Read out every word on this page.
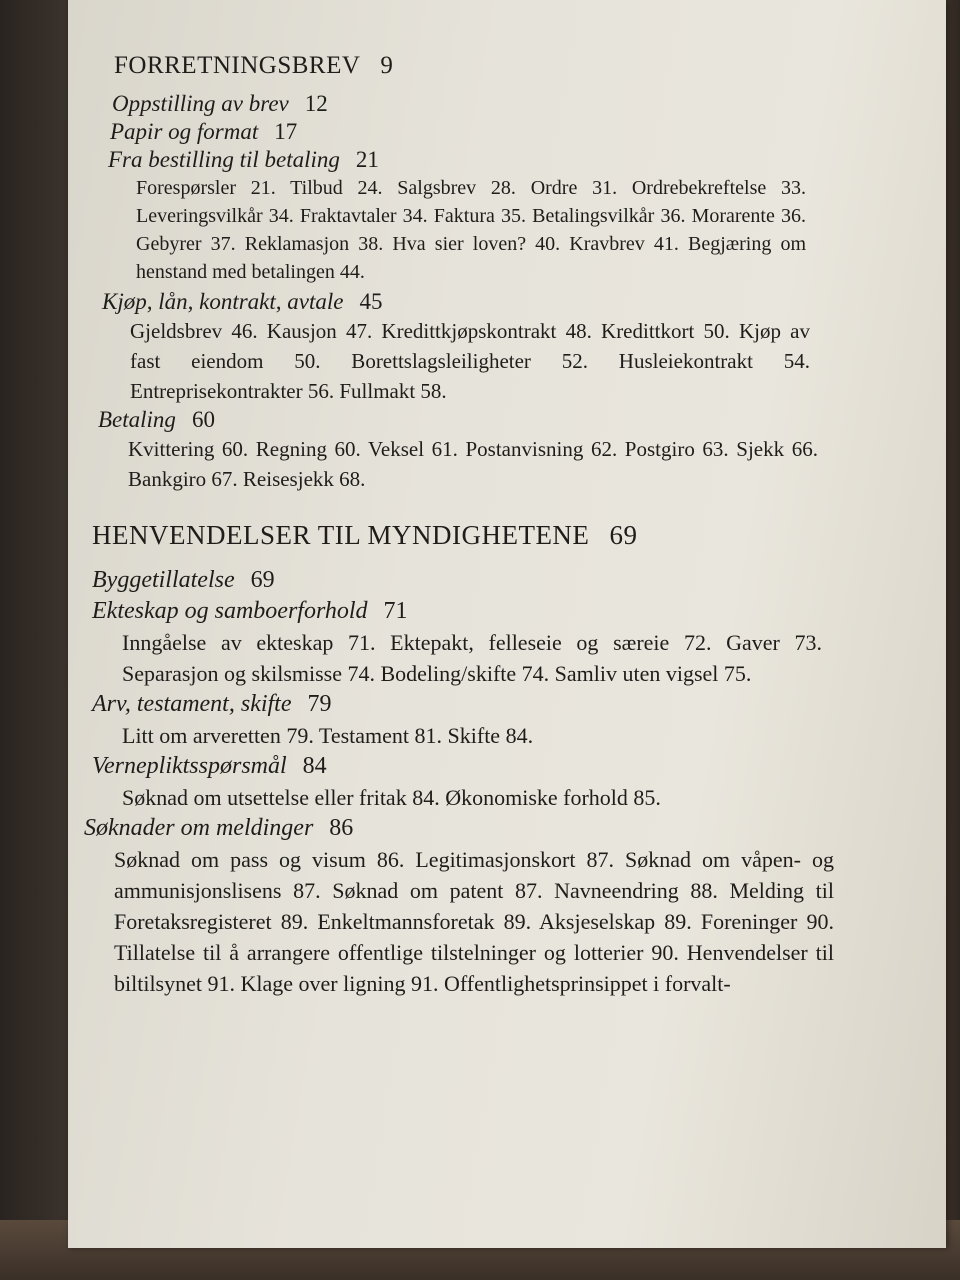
FORRETNINGSBREV 9

Oppstilling av brev 12

Papir og format 17

Fra bestilling til betaling 21

Forespørsler 21. Tilbud 24. Salgsbrev 28. Ordre 31. Ordrebekreftelse 33. Leveringsvilkår 34. Fraktavtaler 34. Faktura 35. Betalingsvilkår 36. Morarente 36. Gebyrer 37. Reklamasjon 38. Hva sier loven? 40. Kravbrev 41. Begjæring om henstand med betalingen 44.

Kjøp, lån, kontrakt, avtale 45

Gjeldsbrev 46. Kausjon 47. Kredittkjøpskontrakt 48. Kredittkort 50. Kjøp av fast eiendom 50. Borettslagsleiligheter 52. Husleiekontrakt 54. Entreprisekontrakter 56. Fullmakt 58.

Betaling 60

Kvittering 60. Regning 60. Veksel 61. Postanvisning 62. Postgiro 63. Sjekk 66. Bankgiro 67. Reisesjekk 68.

HENVENDELSER TIL MYNDIGHETENE 69

Byggetillatelse 69

Ekteskap og samboerforhold 71

Inngåelse av ekteskap 71. Ektepakt, felleseie og særeie 72. Gaver 73. Separasjon og skilsmisse 74. Bodeling/skifte 74. Samliv uten vigsel 75.

Arv, testament, skifte 79

Litt om arveretten 79. Testament 81. Skifte 84.

Vernepliktsspørsmål 84

Søknad om utsettelse eller fritak 84. Økonomiske forhold 85.

Søknader om meldinger 86

Søknad om pass og visum 86. Legitimasjonskort 87. Søknad om våpen- og ammunisjonslisens 87. Søknad om patent 87. Navneendring 88. Melding til Foretaksregisteret 89. Enkeltmannsforetak 89. Aksjeselskap 89. Foreninger 90. Tillatelse til å arrangere offentlige tilstelninger og lotterier 90. Henvendelser til biltilsynet 91. Klage over ligning 91. Offentlighetsprinsippet i forvalt-
